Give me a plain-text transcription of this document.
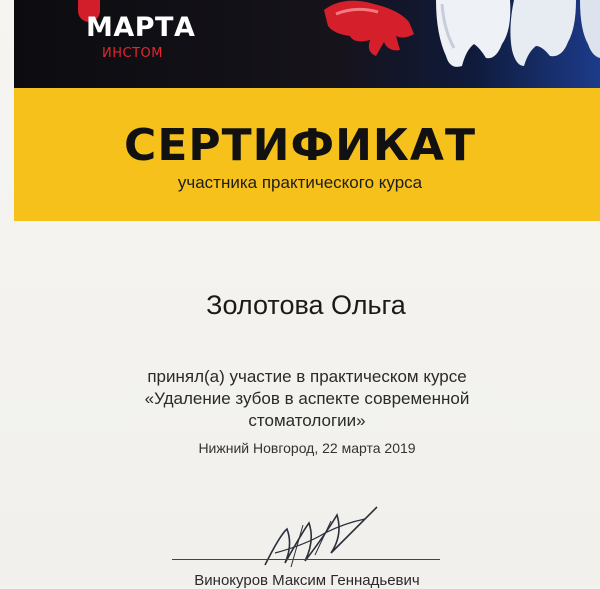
МАРТА
ИНСТОМ
СЕРТИФИКАТ
участника практического курса
Золотова Ольга
принял(а) участие в практическом курсе
«Удаление зубов в аспекте современной
стоматологии»
Нижний Новгород, 22 марта 2019
Винокуров Максим Геннадьевич
